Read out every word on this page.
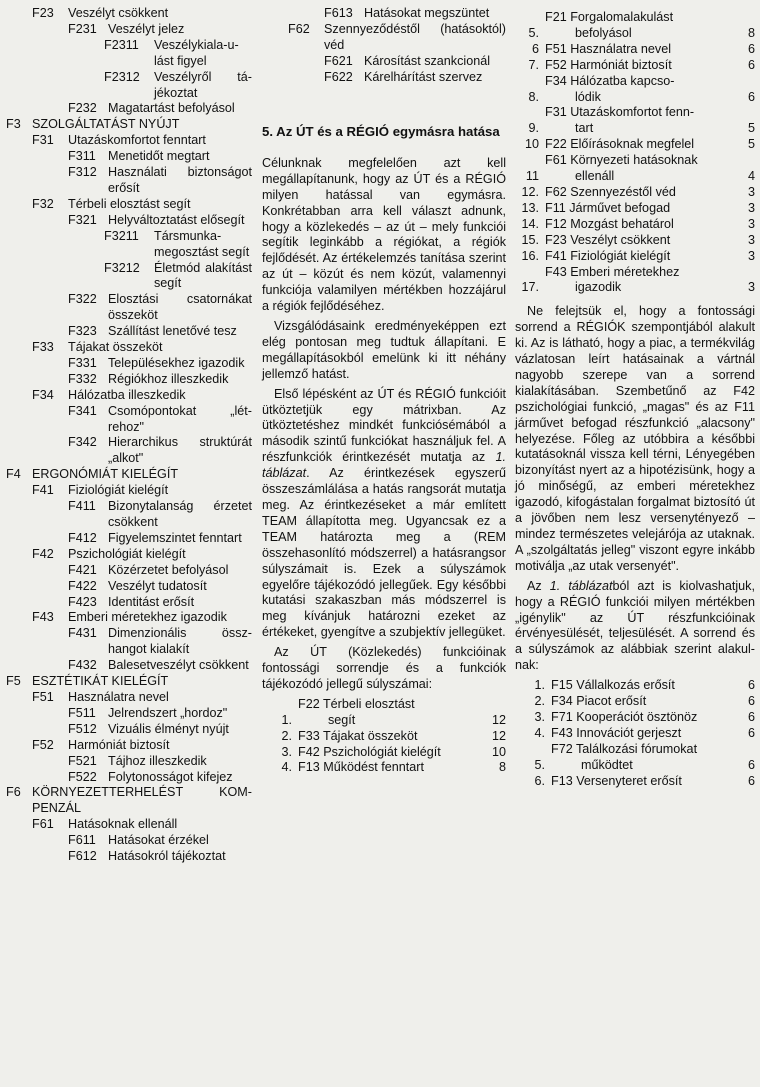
F23	Veszélyt csökkent
F231 Veszélyt jelez
F2311	Veszélykiala-ulást figyel
F2312	Veszélyről tájékoztat
F232 Magatartást befolyásol
F3 SZOLGÁLTATÁST NYÚJT
F31	Utazáskomfortot fenntart
F311 Menetidőt megtart
F312 Használati biztonságot erősít
F32	Térbeli elosztást segít
F321 Helyváltoztatást elősegít
F3211	Társmunkamegosztást segít
F3212	Életmód alakítást segít
F322 Elosztási csatornákat összeköt
F323 Szállítást lenetővé tesz
F33	Tájakat összeköt
F331 Településekhez igazodik
F332 Régiókhoz illeszkedik
F34	Hálózatba illeszkedik
F341 Csomópontokat „létrehoz"
F342 Hierarchikus struktúrát „alkot"
F4 ERGONÓMIÁT KIELÉGÍT
F41	Fiziológiát kielégít
F411 Bizonytalanság érzetet csökkent
F412 Figyelemszintet fenntart
F42	Pszichológiát kielégít
F421 Közérzetet befolyásol
F422 Veszélyt tudatosít
F423 Identitást erősít
F43	Emberi méretekhez igazodik
F431 Dimenzionális összhangot kialakít
F432 Balesetveszélyt csökkent
F5 ESZTÉTIKÁT KIELÉGÍT
F51	Használatra nevel
F511 Jelrendszert „hordoz"
F512 Vizuális élményt nyújt
F52	Harmóniát biztosít
F521 Tájhoz illeszkedik
F522 Folytonosságot kifejez
F6 KÖRNYEZETTERHELÉST KOMPENZÁL
F61	Hatásoknak ellenáll
F611 Hatásokat érzékel
F612 Hatásokról tájékoztat
F613 Hatásokat megszüntet
F62	Szennyeződéstől (hatásoktól) véd
F621 Károsítást szankcionál
F622 Kárelhárítást szervez
5. Az ÚT és a RÉGIÓ egymásra hatása

Célunknak megfelelően azt kell megállapítanunk, hogy az ÚT és a RÉGIÓ milyen hatással van egymásra. Konkrétabban arra kell választ adnunk, hogy a közlekedés – az út – mely funkciói segítik leginkább a régiókat, a régiók fejlődését. Az értékelemzés tanítása szerint az út – közút és nem közút, valamennyi funkciója valamilyen mértékben hozzájárul a régiók fejlődéséhez.

Vizsgálódásaink eredményeképpen ezt elég pontosan meg tudtuk állapítani. E megállapításokból emelünk ki itt néhány jellemző hatást.

Első lépésként az ÚT és RÉGIÓ funkcióit ütköztetjük egy mátrixban. Az ütköztetéshez mindkét funkciósémából a második szintű funkciókat használjuk fel. A részfunkciók érintkezését mutatja az 1. táblázat. Az érintkezések egyszerű összeszámlálása a hatás rangsorát mutatja meg. Az érintkezéseket a már említett TEAM állapította meg. Ugyancsak ez a TEAM határozta meg a (REM összehasonlító módszerrel) a hatásrangsor súlyszámait is. Ezek a súlyszámok egyelőre tájékozódó jellegűek. Egy későbbi kutatási szakaszban más módszerrel is meg kívánjuk határozni ezeket az értékeket, gyengítve a szubjektív jellegüket.

Az ÚT (Közlekedés) funkcióinak fontossági sorrendje és a funkciók tájékozódó jellegű súlyszámai:

1.
F22 Térbeli elosztást
segít	12
2. F33 Tájakat összeköt	12
3. F42 Pszichológiát kielégít	10
4. F13 Működést fenntart	8
5.
F21 Forgalomalakulást
befolyásol	8
6 F51 Használatra nevel	6
7. F52 Harmóniát biztosít	6
8.
F34 Hálózatba kapcso-
lódik	6
9.
F31 Utazáskomfortot fenn-
tart	5
10 F22 Előírásoknak megfelel	5
11
F61 Környezeti hatásoknak
ellenáll	4
12. F62 Szennyezéstől véd	3
13. F11 Járművet befogad	3
14. F12 Mozgást behatárol	3
15. F23 Veszélyt csökkent	3
16. F41 Fiziológiát kielégít	3
17.
F43 Emberi méretekhez
igazodik	3

Ne felejtsük el, hogy a fontossági sorrend a RÉGIÓK szempontjából alakult ki. Az is látható, hogy a piac, a termékvilág vázlatosan leírt hatásainak a vártnál nagyobb szerepe van a sorrend kialakításában. Szembetűnő az F42 pszichológiai funkció, „magas" és az F11 járművet befogad részfunkció „alacsony" helyezése. Főleg az utóbbira a későbbi kutatásoknál vissza kell térni, Lényegében bizonyítást nyert az a hipotézisünk, hogy a jó minőségű, az emberi méretekhez igazodó, kifogástalan forgalmat biztosító út a jövőben nem lesz versenytényező – mindez természetes velejárója az utaknak. A „szolgáltatás jelleg" viszont egyre inkább motiválja „az utak versenyét".

Az 1. táblázatból azt is kiolvashatjuk, hogy a RÉGIÓ funkciói milyen mértékben „igénylik" az ÚT részfunkcióinak érvényesülését, teljesülését. A sorrend és a súlyszámok az alábbiak szerint alakulnak:

1. F15 Vállalkozás erősít	6
2. F34 Piacot erősít	6
3. F71 Kooperációt ösztönöz	6
4. F43 Innovációt gerjeszt	6
5.
F72 Találkozási fórumokat
működtet	6
6. F13 Versenyteret erősít	6
